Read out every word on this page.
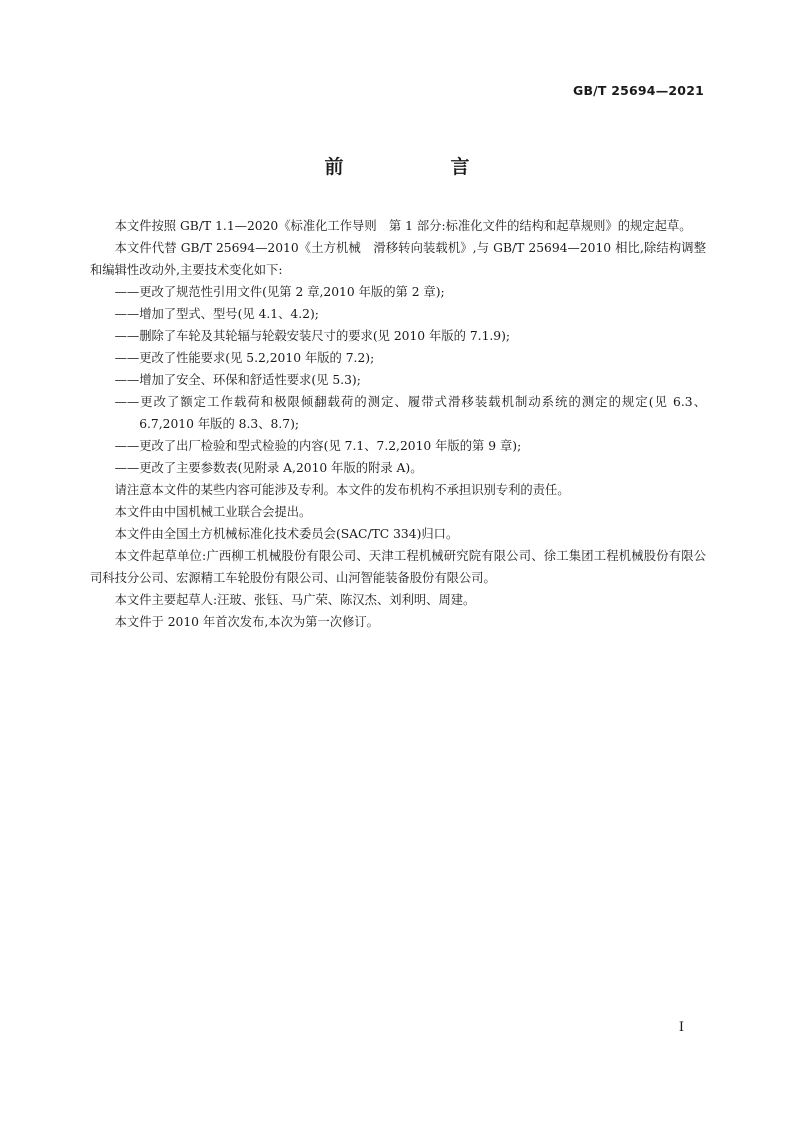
GB/T 25694—2021
前　言

本文件按照 GB/T 1.1—2020《标准化工作导则　第 1 部分:标准化文件的结构和起草规则》的规定起草。

本文件代替 GB/T 25694—2010《土方机械　滑移转向装载机》,与 GB/T 25694—2010 相比,除结构调整和编辑性改动外,主要技术变化如下:

——更改了规范性引用文件(见第 2 章,2010 年版的第 2 章);

——增加了型式、型号(见 4.1、4.2);

——删除了车轮及其轮辐与轮毂安装尺寸的要求(见 2010 年版的 7.1.9);

——更改了性能要求(见 5.2,2010 年版的 7.2);

——增加了安全、环保和舒适性要求(见 5.3);

——更改了额定工作载荷和极限倾翻载荷的测定、履带式滑移装载机制动系统的测定的规定(见 6.3、6.7,2010 年版的 8.3、8.7);

——更改了出厂检验和型式检验的内容(见 7.1、7.2,2010 年版的第 9 章);

——更改了主要参数表(见附录 A,2010 年版的附录 A)。

请注意本文件的某些内容可能涉及专利。本文件的发布机构不承担识别专利的责任。

本文件由中国机械工业联合会提出。

本文件由全国土方机械标准化技术委员会(SAC/TC 334)归口。

本文件起草单位:广西柳工机械股份有限公司、天津工程机械研究院有限公司、徐工集团工程机械股份有限公司科技分公司、宏源精工车轮股份有限公司、山河智能装备股份有限公司。

本文件主要起草人:汪玻、张钰、马广荣、陈汉杰、刘利明、周建。

本文件于 2010 年首次发布,本次为第一次修订。

I
